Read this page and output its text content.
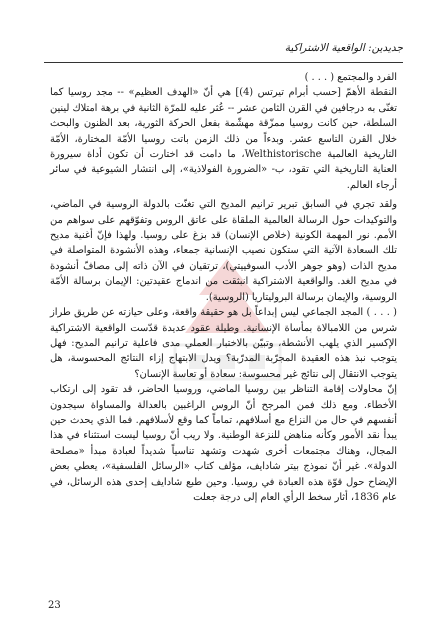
جديدين: الواقعية الاشتراكية

الفرد والمجتمع ( . . . )

النقطة الأهمّ [حسب أبرام تيرتس (4)] هي أنّ «الهدف العظيم» -- مجد روسيا كما تغنّى به درجافين في القرن الثامن عشر -- عُثر عليه للمرّة الثانية في برهة امتلاك لينين السلطة، حين كانت روسيا ممزّقة مهشّمة بفعل الحركة الثورية، بعد الظنون والبحث خلال القرن التاسع عشر. وبدءاً من ذلك الزمن باتت روسيا الأمّة المختارة، الأمّة التاريخية العالمية Welthistorische، ما دامت قد اختارت أن تكون أداة سيرورة العناية التاريخية التي تقود، ب- «الضرورة الفولاذية»، إلى انتشار الشيوعية في سائر أرجاء العالم.

ولقد تجري في السابق تبرير ترانيم المديح التي تغنّت بالدولة الروسية في الماضي، والتوكيدات حول الرسالة العالمية الملقاة على عاتق الروس وتفوّقهم على سواهم من الأمم. نور المهمة الكونية (خلاص الإنسان) قد بزغ على روسيا. ولهذا فإنّ أغنية مديح تلك السعادة الآتية التي ستكون نصيب الإنسانية جمعاء، وهذه الأنشودة المتواصلة في مديح الذات (وهو جوهر الأدب السوفييتي)، ترتقيان في الآن ذاته إلى مصافّ أنشودة في مديح الغد. والواقعية الاشتراكية انبثقت من اندماج عقيدتين: الإيمان برسالة الأمّة الروسية، والإيمان برسالة البروليتاريا (الروسية).

( . . . ) المجد الجماعي ليس إبداعاً بل هو حقيقة واقعة، وعلى حيازته عن طريق طراز شرس من اللامبالاة بمأساة الإنسانية. وطيلة عقود عديدة قدّست الواقعية الاشتراكية الإكسير الذي يلهب الأنشطة، وتبيّن بالاختبار العملي مدى فاعلية ترانيم المديح: فهل يتوجب نبذ هذه العقيدة المجرّبة المدرّبة؟ ويدل الابتهاج إزاء النتائج المحسوسة، هل يتوجب الانتقال إلى نتائج غير محسوسة: سعادة أو تعاسة الإنسان؟

إنّ محاولات إقامة التناظر بين روسيا الماضي، وروسيا الحاضر، قد تقود إلى ارتكاب الأخطاء. ومع ذلك فمن المرجح أنّ الروس الراغبين بالعدالة والمساواة سيجدون أنفسهم في حال من النزاع مع أسلافهم، تماماً كما وقع لأسلافهم. فما الذي يحدث حين يبدأ نقد الأمور وكأنه مناهض للنزعة الوطنية. ولا ريب أنّ روسيا ليست استثناء في هذا المجال، وهناك مجتمعات أخرى شهدت وتشهد تناسياً شديداً لعبادة مبدأ «مصلحة الدولة». غير أنّ نموذج بيتر شادايف، مؤلف كتاب «الرسائل الفلسفية»، يعطي بعض الإيضاح حول قوّة هذه العبادة في روسيا. وحين طبع شادايف إحدى هذه الرسائل، في عام 1836، أثار سخط الرأي العام إلى درجة جعلت

23
